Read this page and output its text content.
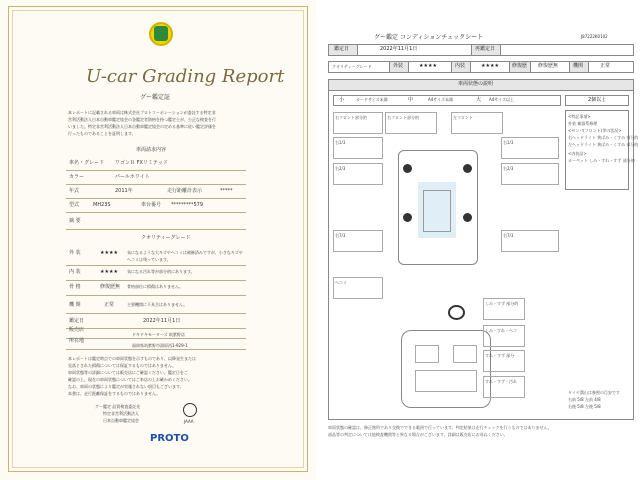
U-car Grading Report
グー鑑定証
本レポートに記載される車両は株式会社プロトコーポレーションが委託する特定非
営利活動法人日本自動車鑑定協会の各鑑定者資格を持つ鑑定士が、公正な検査を行
いました。特定非営利活動法人日本自動車鑑定協会の定める基準に従い鑑定評価を
行ったものであることを証明します。
車両請求内容
車名・グレード ワゴンＲ FXリミテッド
カラー	パールホワイト
年式	2011年	走行距離計表示	*****
型式	MH23S	車台番号 *********579
摘 要
クオリティーグレード
外 装	★★★★ 気になるような大キズやヘコミは補修済みですが、小さなキズや
ヘコミは残っています。
内 装	★★★★ 気になる汚れ等が部分的にあります。
骨 格	修復歴無 骨格部位に損傷はありません。
機 関	正常	主要機関に不具合はありません。
鑑定日	2022年11月1日
販売店
ドキドキモーターズ 筑紫野店
所在地
福岡県筑紫野市湯原西1-929-1
本レポートは鑑定時点での車両状態を示すものであり、以降発生または
見落とされた損傷については保証するものではありません。
車両状態等の詳細については販売店にご確認ください。鑑定日をご
確認の上、現在の車両状態についてはご来店の上お確かめください。
なお、車両の状態により鑑定が実施されない項目もございます。
本書は、走行距離保証をするものではありません。
グー鑑定 品質検査委託先
特定非営利活動法人
日本自動車鑑定協会	JAAA
PROTO
グー鑑定 コンディションチェックシート	J87222K0102
鑑定日	2022年11月1日	再鑑定日
クオリティーグレード	外装	★★★★	内装	★★★★	修復歴 修復歴無	機関	正常
車両状態の説明
小	カードサイズ未満	中	A4サイズ未満	大 A4サイズ以上	2個以上
<特記事項>
外装 補器系修理
<ゼンパ(フロント)等の状況>
右ヘッドライト 黄ばみ・くすみ 部分的
左ヘッドライト 黄ばみ・くすみ 部分的
<内装品>
カーペット しみ・すれ・すず 部分的
右フロント部分的
右1/3
右2/3
右7/3
ヘコミ
右フロント部分的	左フロント
右1/3
右2/3
右7/3
しみ・すず 部分的
しみ・すれ・ヘコ
すれ・すず 部分
すれ・すず・汚れ
タイヤ溝山は参照の目安です
右前 5/8 左前 4/8
右後 5/8 左後 5/8
車両状態の確認は、修正箇所であり交換でできる範囲で行っています。判定結果は走行チェックを行うものではありません。
部品等の判定については他検査機関等と異なる場合がございます。詳細は販売店にお尋ねください。
